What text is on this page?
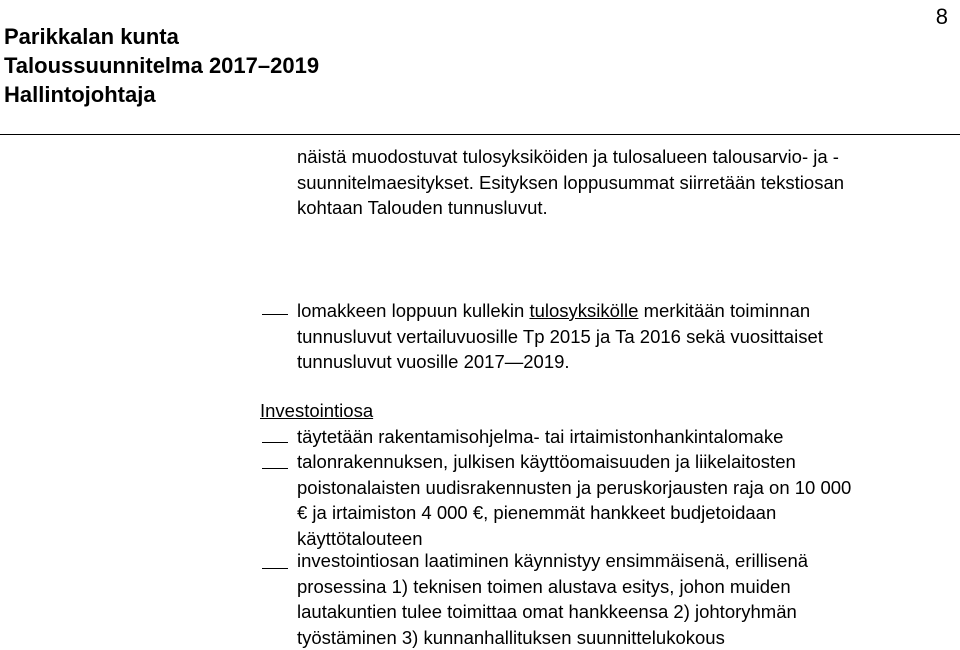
Parikkalan kunta
Taloussuunnitelma 2017–2019
Hallintojohtaja
8
näistä muodostuvat tulosyksiköiden ja tulosalueen talousarvio- ja -
suunnitelmaesitykset. Esityksen loppusummat siirretään tekstiosan
kohtaan Talouden tunnusluvut.
lomakkeen loppuun kullekin tulosyksikölle merkitään toiminnan
tunnusluvut vertailuvuosille Tp 2015 ja Ta 2016 sekä vuosittaiset
tunnusluvut vuosille 2017—2019.
Investointiosa
täytetään rakentamisohjelma- tai irtaimistonhankintalomake
talonrakennuksen, julkisen käyttöomaisuuden ja liikelaitosten
poistonalaisten uudisrakennusten ja peruskorjausten raja on 10 000
€ ja irtaimiston 4 000 €, pienemmät hankkeet budjetoidaan
käyttötalouteen
investointiosan laatiminen käynnistyy ensimmäisenä, erillisenä
prosessina 1) teknisen toimen alustava esitys, johon muiden
lautakuntien tulee toimittaa omat hankkeensa 2) johtoryhmän
työstäminen 3) kunnanhallituksen suunnittelukokous
